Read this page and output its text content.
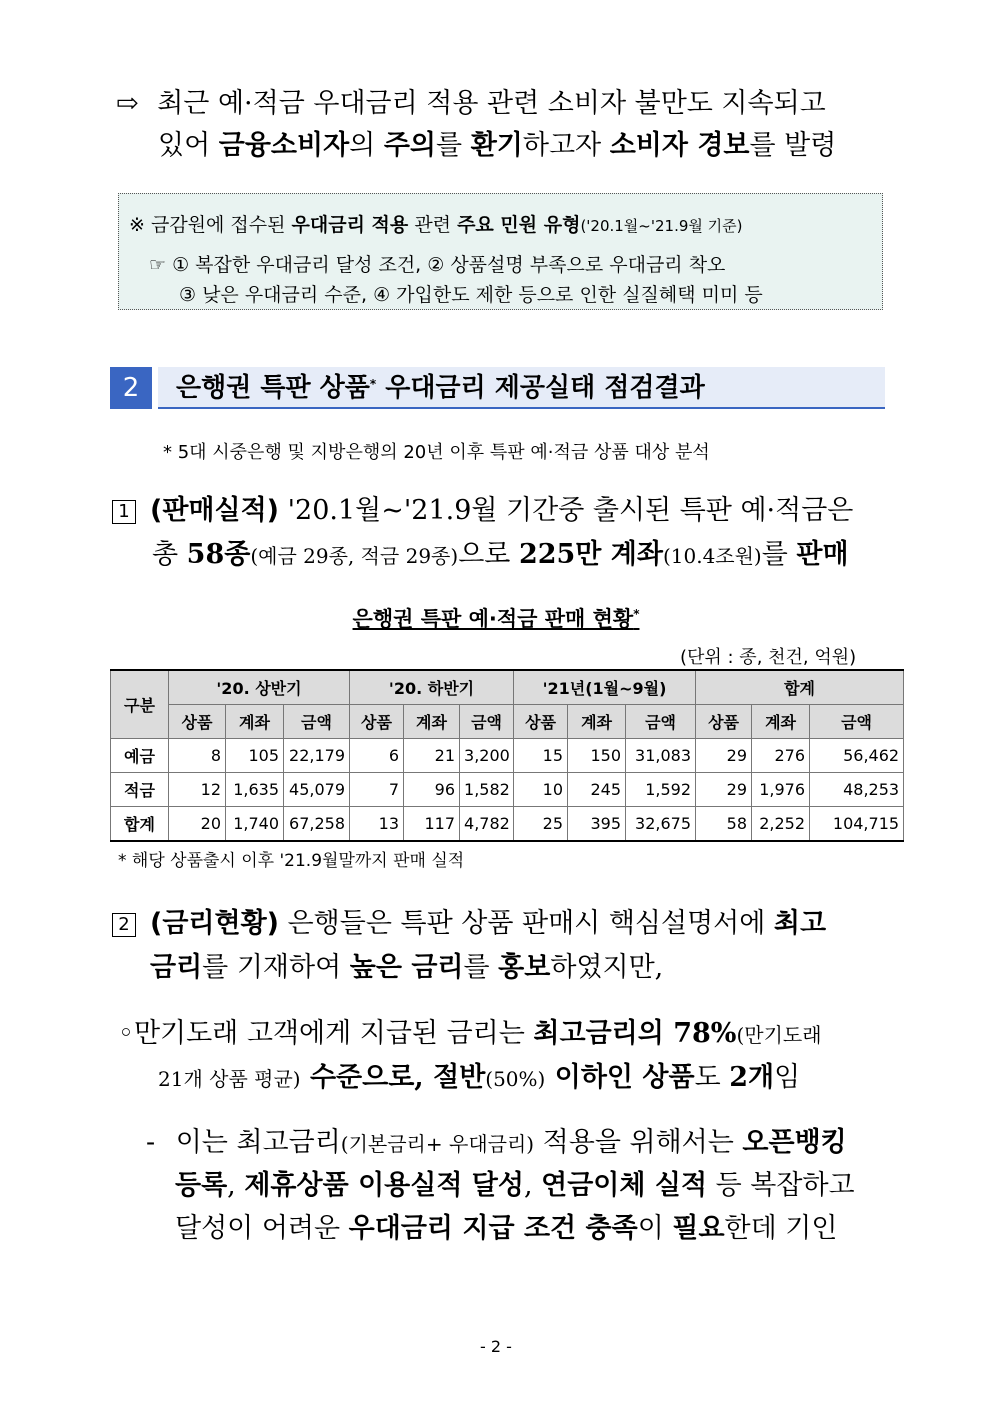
⇨ 최근 예·적금 우대금리 적용 관련 소비자 불만도 지속되고
있어 금융소비자의 주의를 환기하고자 소비자 경보를 발령
※ 금감원에 접수된 우대금리 적용 관련 주요 민원 유형('20.1월~'21.9월 기준)
☞ ① 복잡한 우대금리 달성 조건, ② 상품설명 부족으로 우대금리 착오
③ 낮은 우대금리 수준, ④ 가입한도 제한 등으로 인한 실질혜택 미미 등
2	은행권 특판 상품* 우대금리 제공실태 점검결과
* 5대 시중은행 및 지방은행의 20년 이후 특판 예·적금 상품 대상 분석
1 (판매실적) '20.1월~'21.9월 기간중 출시된 특판 예·적금은
총 58종(예금 29종, 적금 29종)으로 225만 계좌(10.4조원)를 판매
은행권 특판 예·적금 판매 현황*
(단위 : 종, 천건, 억원)
구분	'20. 상반기			'20. 하반기			'21년(1월~9월)			합계		
	상품	계좌	금액	상품	계좌	금액	상품	계좌	금액	상품	계좌	금액
예금	8	105	22,179	6	21	3,200	15	150	31,083	29	276	56,462
적금	12	1,635	45,079	7	96	1,582	10	245	1,592	29	1,976	48,253
합계	20	1,740	67,258	13	117	4,782	25	395	32,675	58	2,252	104,715
* 해당 상품출시 이후 '21.9월말까지 판매 실적
2 (금리현황) 은행들은 특판 상품 판매시 핵심설명서에 최고
금리를 기재하여 높은 금리를 홍보하였지만,
◦만기도래 고객에게 지급된 금리는 최고금리의 78%(만기도래
21개 상품 평균) 수준으로, 절반(50%) 이하인 상품도 2개임
- 이는 최고금리(기본금리+ 우대금리) 적용을 위해서는 오픈뱅킹
등록, 제휴상품 이용실적 달성, 연금이체 실적 등 복잡하고
달성이 어려운 우대금리 지급 조건 충족이 필요한데 기인
- 2 -
